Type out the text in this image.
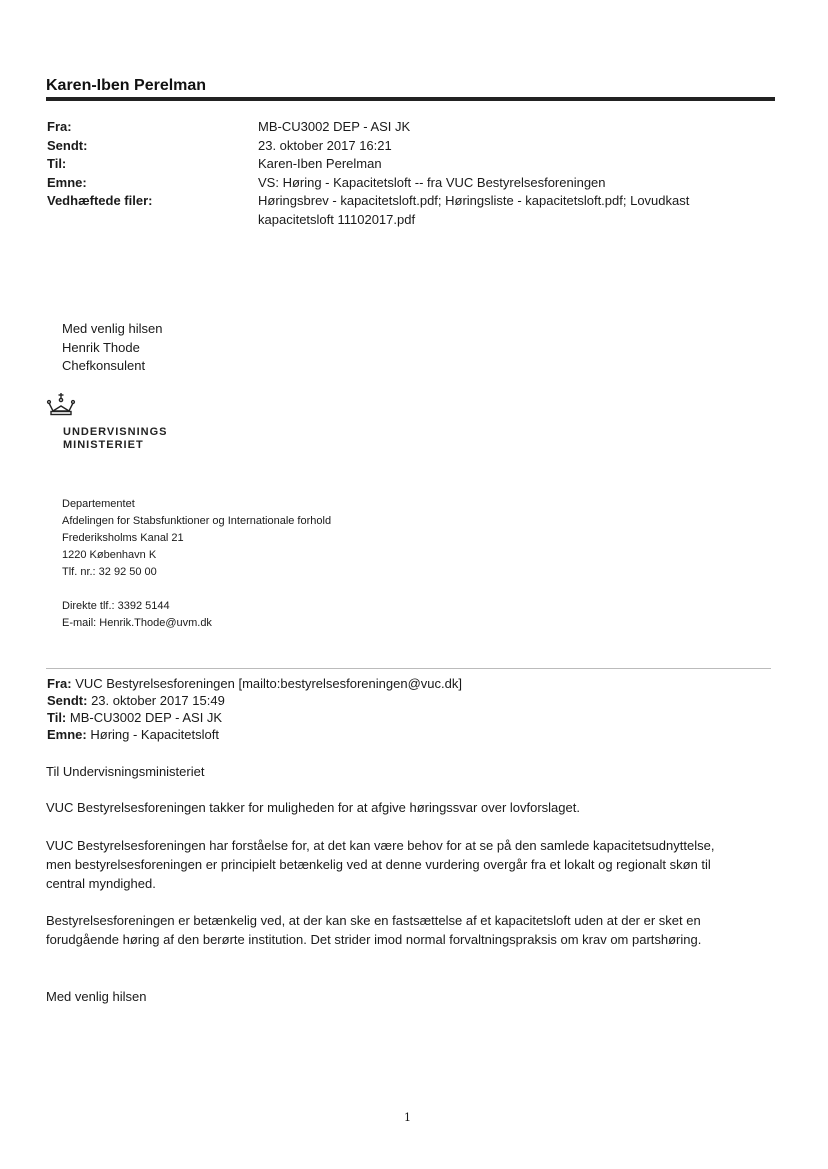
Karen-Iben Perelman
Fra:
Sendt:
Til:
Emne:
Vedhæftede filer:
MB-CU3002 DEP - ASI JK
23. oktober 2017 16:21
Karen-Iben Perelman
VS: Høring - Kapacitetsloft -- fra VUC Bestyrelsesforeningen
Høringsbrev - kapacitetsloft.pdf; Høringsliste - kapacitetsloft.pdf; Lovudkast
kapacitetsloft 11102017.pdf
Med venlig hilsen
Henrik Thode
Chefkonsulent
UNDERVISNINGS
MINISTERIET
Departementet
Afdelingen for Stabsfunktioner og Internationale forhold
Frederiksholms Kanal 21
1220 København K
Tlf. nr.: 32 92 50 00
Direkte tlf.: 3392 5144
E-mail: Henrik.Thode@uvm.dk
Fra: VUC Bestyrelsesforeningen [mailto:bestyrelsesforeningen@vuc.dk]
Sendt: 23. oktober 2017 15:49
Til: MB-CU3002 DEP - ASI JK
Emne: Høring - Kapacitetsloft
Til Undervisningsministeriet
VUC Bestyrelsesforeningen takker for muligheden for at afgive høringssvar over lovforslaget.
VUC Bestyrelsesforeningen har forståelse for, at det kan være behov for at se på den samlede kapacitetsudnyttelse,
men bestyrelsesforeningen er principielt betænkelig ved at denne vurdering overgår fra et lokalt og regionalt skøn til
central myndighed.
Bestyrelsesforeningen er betænkelig ved, at der kan ske en fastsættelse af et kapacitetsloft uden at der er sket en
forudgående høring af den berørte institution. Det strider imod normal forvaltningspraksis om krav om partshøring.
Med venlig hilsen
1
